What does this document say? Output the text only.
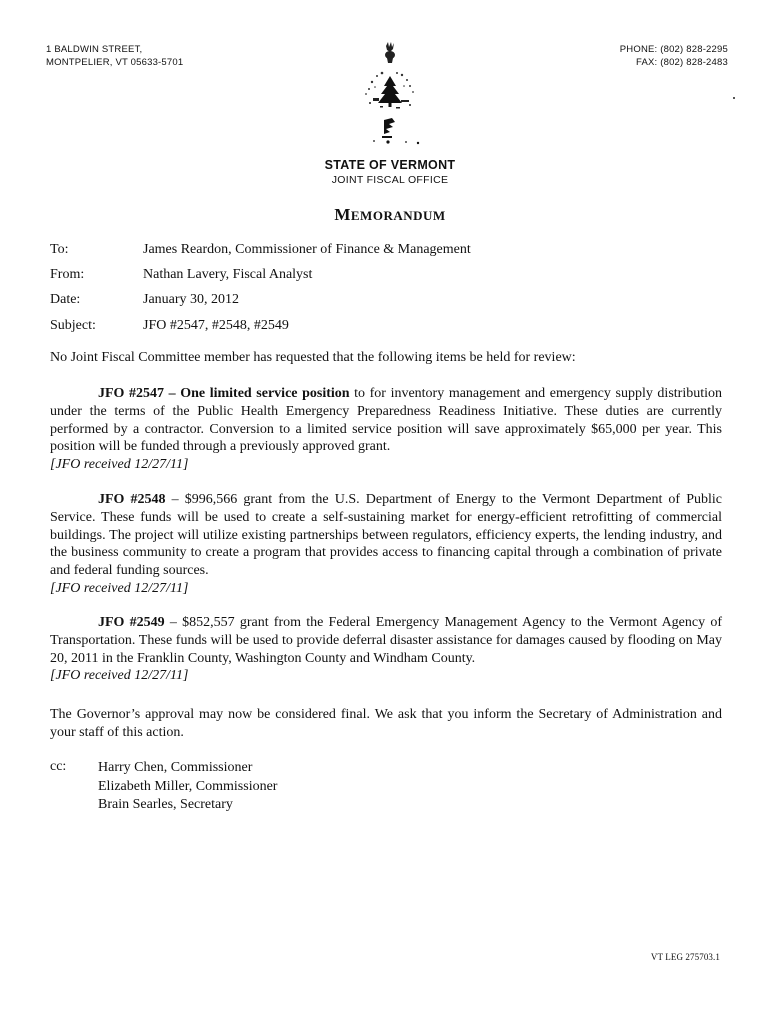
1 BALDWIN STREET,
MONTPELIER, VT 05633-5701
PHONE: (802) 828-2295
FAX: (802) 828-2483
STATE OF VERMONT
JOINT FISCAL OFFICE
MEMORANDUM
To:	James Reardon, Commissioner of Finance & Management
From:	Nathan Lavery, Fiscal Analyst
Date:	January 30, 2012
Subject:	JFO #2547, #2548, #2549
No Joint Fiscal Committee member has requested that the following items be held for review:
JFO #2547 – One limited service position to for inventory management and emergency supply distribution under the terms of the Public Health Emergency Preparedness Readiness Initiative. These duties are currently performed by a contractor. Conversion to a limited service position will save approximately $65,000 per year. This position will be funded through a previously approved grant.
[JFO received 12/27/11]
JFO #2548 – $996,566 grant from the U.S. Department of Energy to the Vermont Department of Public Service. These funds will be used to create a self-sustaining market for energy-efficient retrofitting of commercial buildings. The project will utilize existing partnerships between regulators, efficiency experts, the lending industry, and the business community to create a program that provides access to financing capital through a combination of private and federal funding sources.
[JFO received 12/27/11]
JFO #2549 – $852,557 grant from the Federal Emergency Management Agency to the Vermont Agency of Transportation. These funds will be used to provide deferral disaster assistance for damages caused by flooding on May 20, 2011 in the Franklin County, Washington County and Windham County.
[JFO received 12/27/11]
The Governor’s approval may now be considered final. We ask that you inform the Secretary of Administration and your staff of this action.
cc: Harry Chen, Commissioner
Elizabeth Miller, Commissioner
Brain Searles, Secretary
VT LEG 275703.1
